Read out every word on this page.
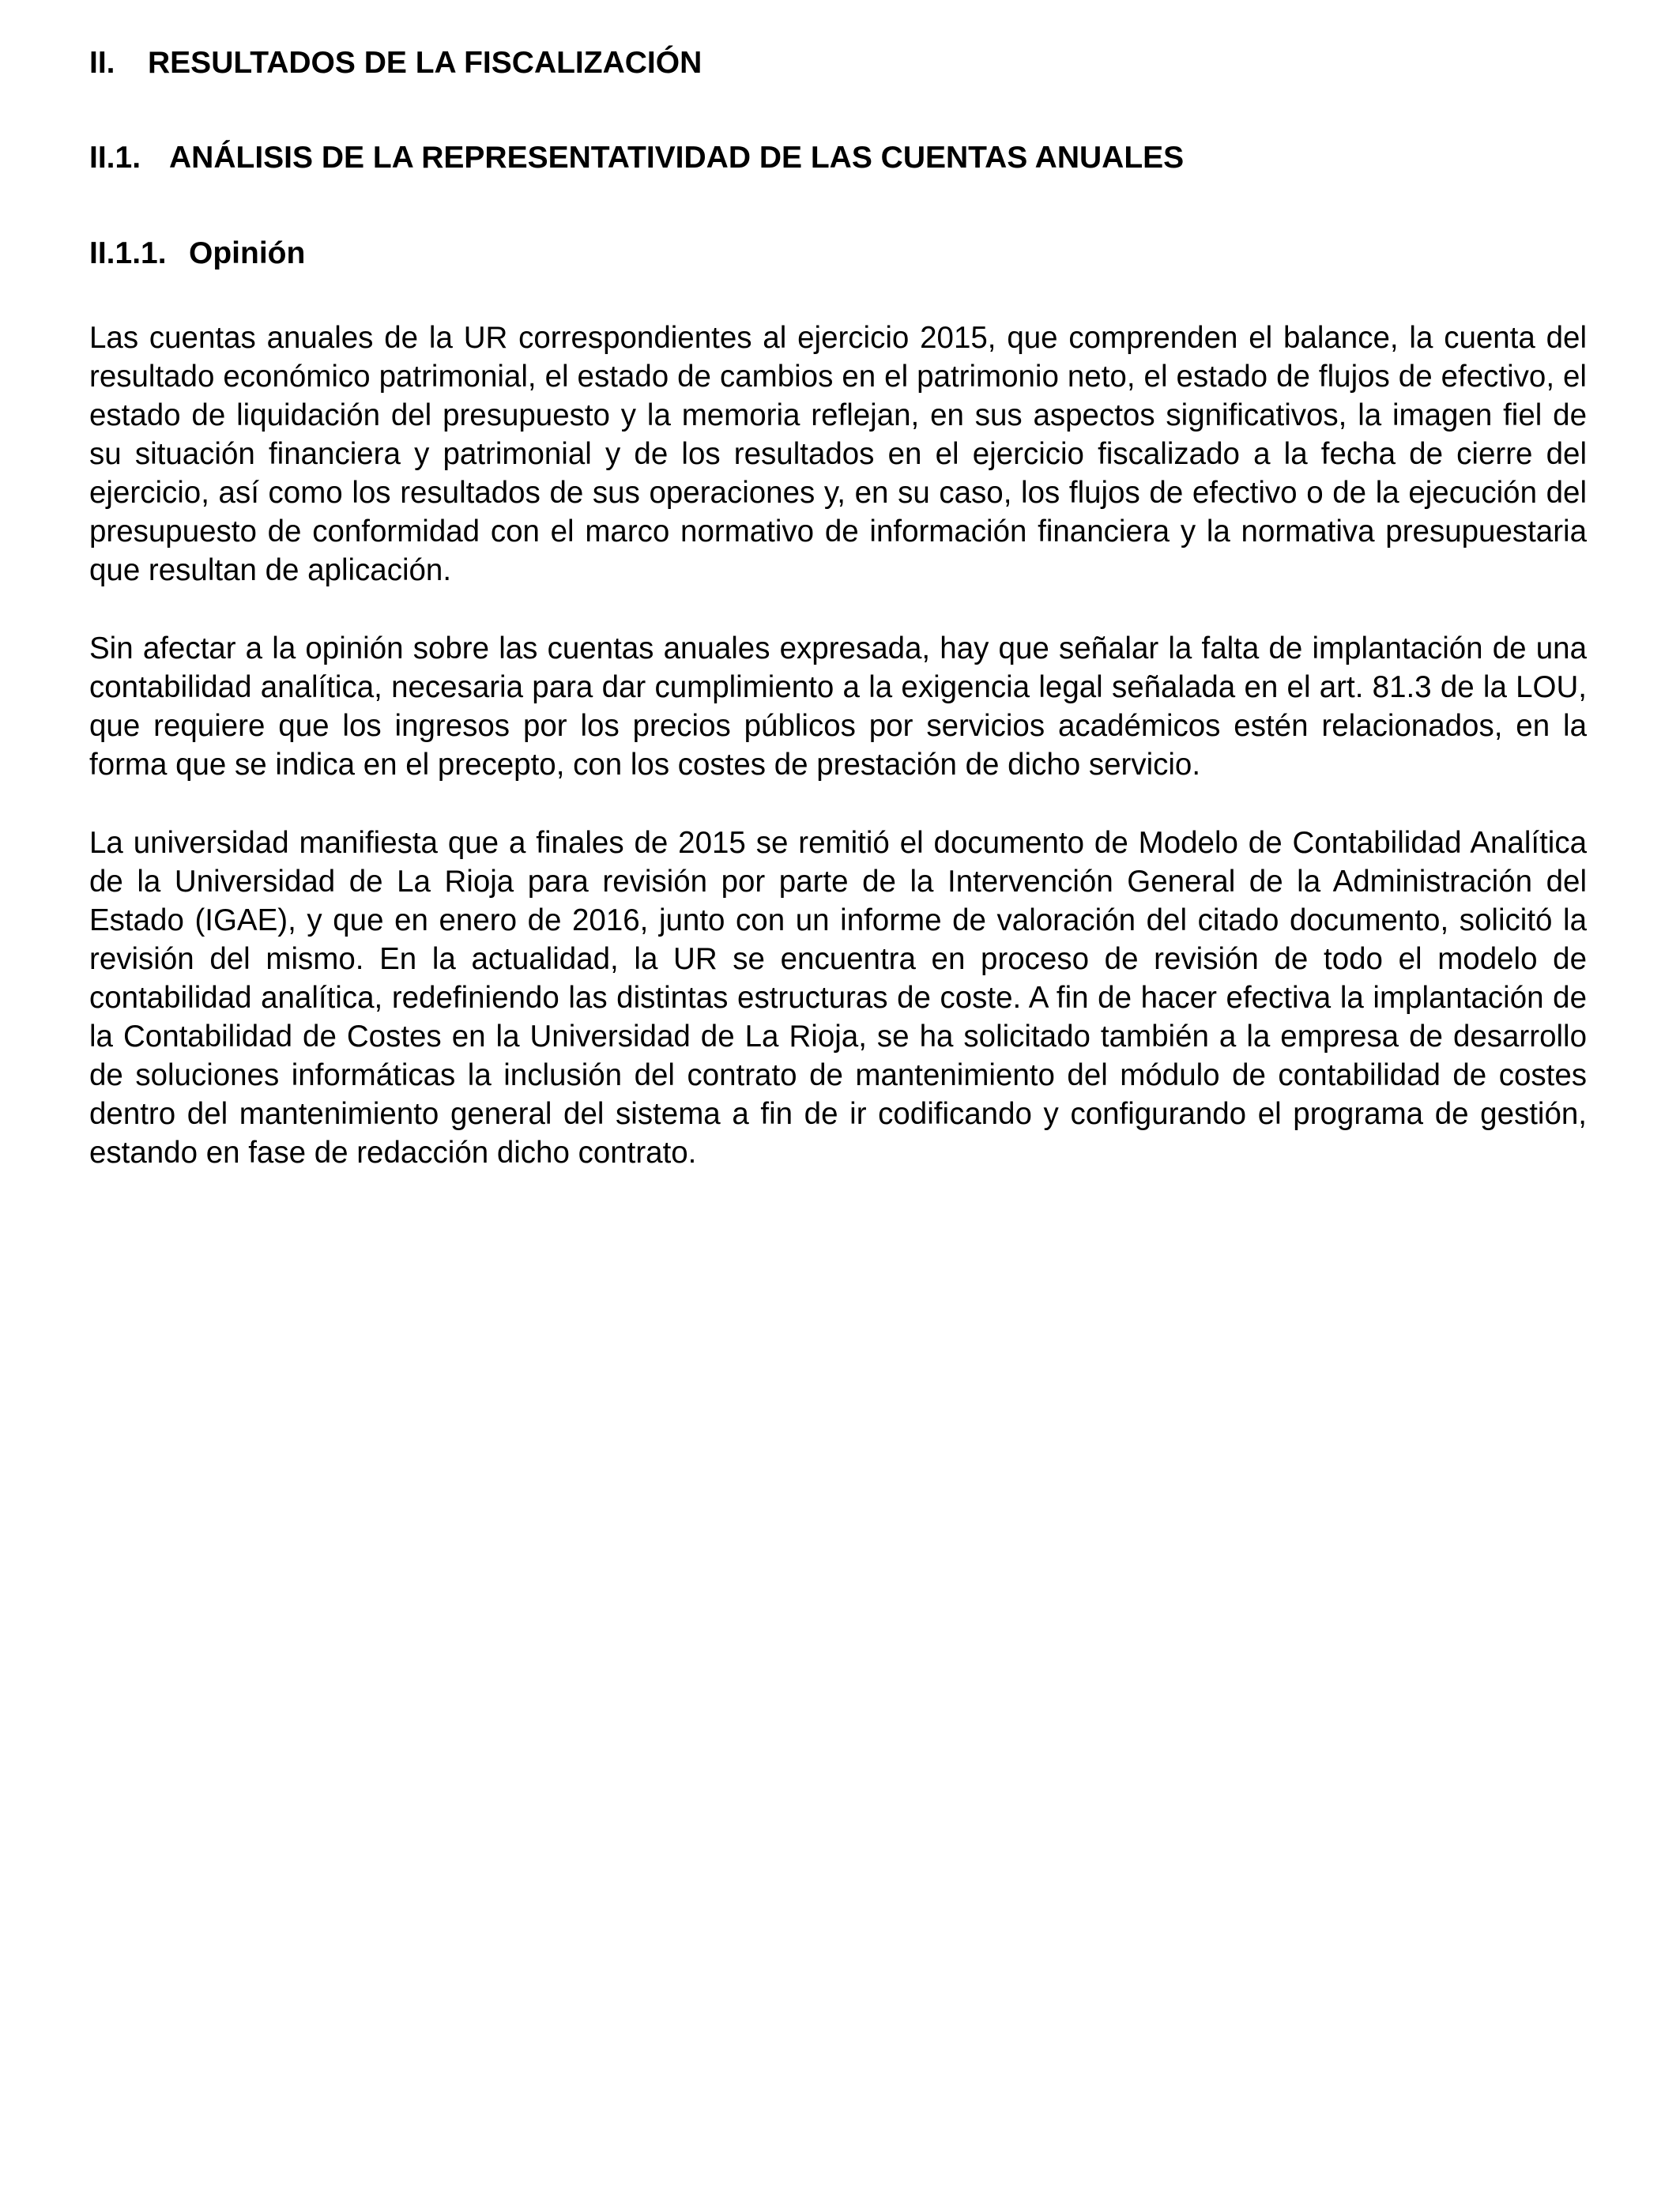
II. RESULTADOS DE LA FISCALIZACIÓN
II.1. ANÁLISIS DE LA REPRESENTATIVIDAD DE LAS CUENTAS ANUALES
II.1.1. Opinión

Las cuentas anuales de la UR correspondientes al ejercicio 2015, que comprenden el balance, la cuenta del resultado económico patrimonial, el estado de cambios en el patrimonio neto, el estado de flujos de efectivo, el estado de liquidación del presupuesto y la memoria reflejan, en sus aspectos significativos, la imagen fiel de su situación financiera y patrimonial y de los resultados en el ejercicio fiscalizado a la fecha de cierre del ejercicio, así como los resultados de sus operaciones y, en su caso, los flujos de efectivo o de la ejecución del presupuesto de conformidad con el marco normativo de información financiera y la normativa presupuestaria que resultan de aplicación.

Sin afectar a la opinión sobre las cuentas anuales expresada, hay que señalar la falta de implantación de una contabilidad analítica, necesaria para dar cumplimiento a la exigencia legal señalada en el art. 81.3 de la LOU, que requiere que los ingresos por los precios públicos por servicios académicos estén relacionados, en la forma que se indica en el precepto, con los costes de prestación de dicho servicio.

La universidad manifiesta que a finales de 2015 se remitió el documento de Modelo de Contabilidad Analítica de la Universidad de La Rioja para revisión por parte de la Intervención General de la Administración del Estado (IGAE), y que en enero de 2016, junto con un informe de valoración del citado documento, solicitó la revisión del mismo. En la actualidad, la UR se encuentra en proceso de revisión de todo el modelo de contabilidad analítica, redefiniendo las distintas estructuras de coste. A fin de hacer efectiva la implantación de la Contabilidad de Costes en la Universidad de La Rioja, se ha solicitado también a la empresa de desarrollo de soluciones informáticas la inclusión del contrato de mantenimiento del módulo de contabilidad de costes dentro del mantenimiento general del sistema a fin de ir codificando y configurando el programa de gestión, estando en fase de redacción dicho contrato.
